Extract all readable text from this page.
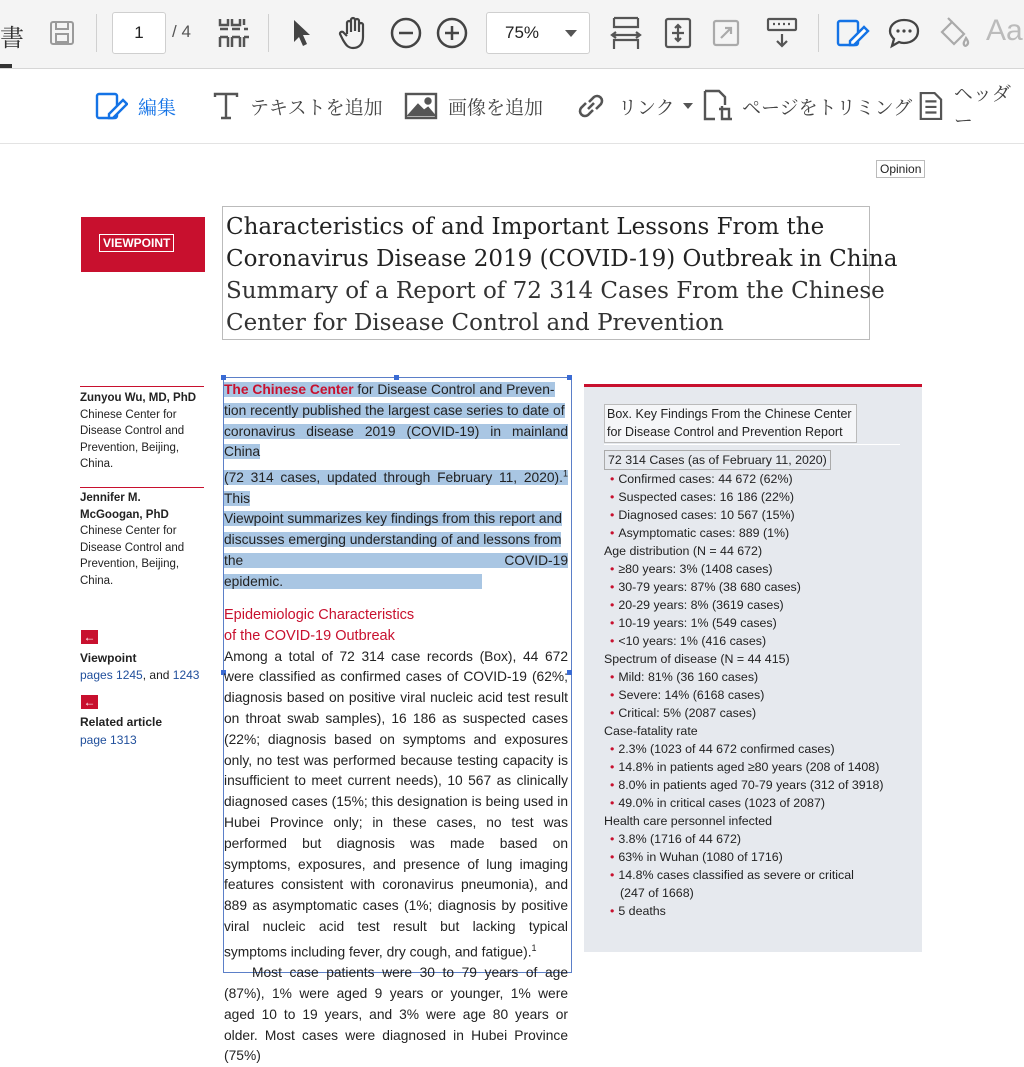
書	1	/ 4	75%	Aa
編集	テキストを追加	画像を追加	リンク	ページをトリミング
ヘッダー
Opinion
VIEWPOINT
Characteristics of and Important Lessons From the
Coronavirus Disease 2019 (COVID-19) Outbreak in China
Summary of a Report of 72 314 Cases From the Chinese
Center for Disease Control and Prevention
Zunyou Wu, MD, PhD
Chinese Center for
Disease Control and
Prevention, Beijing,
China.
Jennifer M.
McGoogan, PhD
Chinese Center for
Disease Control and
Prevention, Beijing,
China.
←
Viewpoint
pages 1245, and 1243
←
Related article
page 1313
The Chinese Center for Disease Control and Preven-
tion recently published the largest case series to date of
coronavirus disease 2019 (COVID-19) in mainland China
(72 314 cases, updated through February 11, 2020).$^1$ This
Viewpoint summarizes key findings from this report and
discusses emerging understanding of and lessons from
the COVID-19 epidemic.
Epidemiologic Characteristics
of the COVID-19 Outbreak
Among a total of 72 314 case records (Box), 44 672 were classified as confirmed cases of COVID-19 (62%; diagnosis based on positive viral nucleic acid test result on throat swab samples), 16 186 as suspected cases (22%; diagnosis based on symptoms and exposures only, no test was performed because testing capacity is insufficient to meet current needs), 10 567 as clinically diagnosed cases (15%; this designation is being used in Hubei Province only; in these cases, no test was performed but diagnosis was made based on symptoms, exposures, and presence of lung imaging features consistent with coronavirus pneumonia), and 889 as asymptomatic cases (1%; diagnosis by positive viral nucleic acid test result but lacking typical symptoms including fever, dry cough, and fatigue).$^1$
Most case patients were 30 to 79 years of age (87%), 1% were aged 9 years or younger, 1% were aged 10 to 19 years, and 3% were age 80 years or older. Most cases were diagnosed in Hubei Province (75%)
Box. Key Findings From the Chinese Center
for Disease Control and Prevention Report
72 314 Cases (as of February 11, 2020)
• Confirmed cases: 44 672 (62%)
• Suspected cases: 16 186 (22%)
• Diagnosed cases: 10 567 (15%)
• Asymptomatic cases: 889 (1%)
Age distribution (N = 44 672)
• ≥80 years: 3% (1408 cases)
• 30-79 years: 87% (38 680 cases)
• 20-29 years: 8% (3619 cases)
• 10-19 years: 1% (549 cases)
• <10 years: 1% (416 cases)
Spectrum of disease (N = 44 415)
• Mild: 81% (36 160 cases)
• Severe: 14% (6168 cases)
• Critical: 5% (2087 cases)
Case-fatality rate
• 2.3% (1023 of 44 672 confirmed cases)
• 14.8% in patients aged ≥80 years (208 of 1408)
• 8.0% in patients aged 70-79 years (312 of 3918)
• 49.0% in critical cases (1023 of 2087)
Health care personnel infected
• 3.8% (1716 of 44 672)
• 63% in Wuhan (1080 of 1716)
• 14.8% cases classified as severe or critical
(247 of 1668)
• 5 deaths
